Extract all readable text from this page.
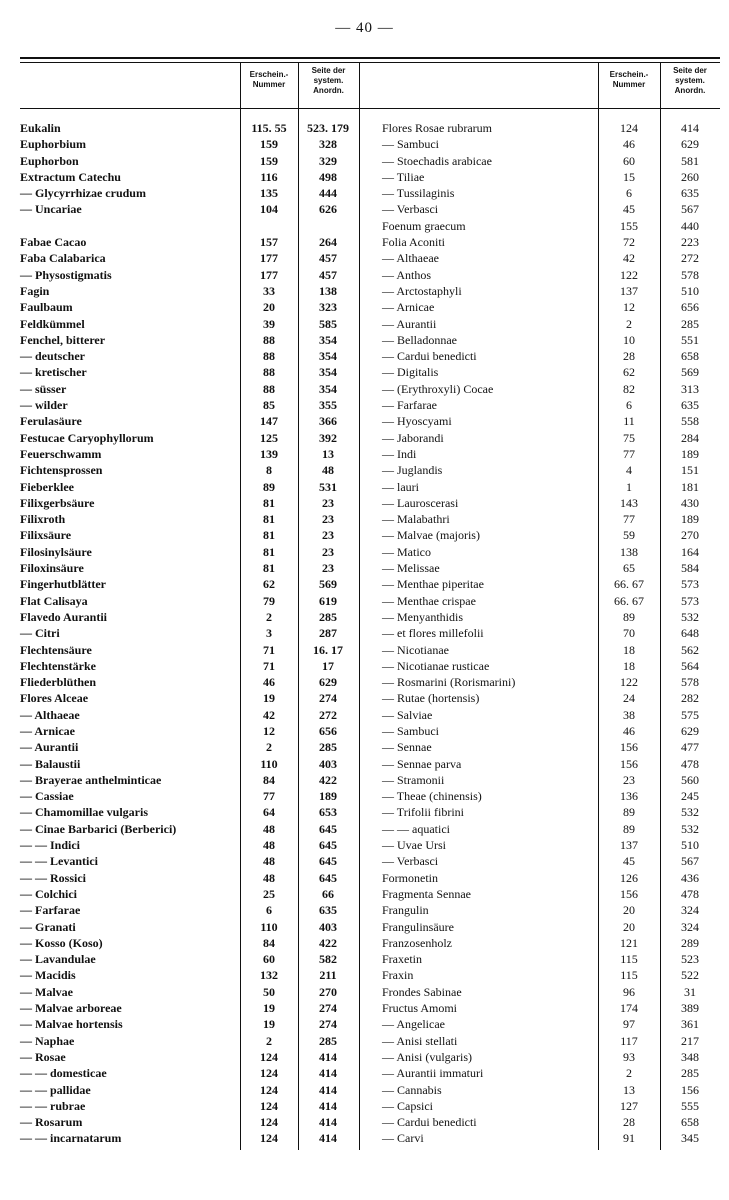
— 40 —
Erschein.-
Nummer
Seite der
system.
Anordn.
Erschein.-
Nummer
Seite der
system.
Anordn.
Eukalin
Euphorbium
Euphorbon
Extractum Catechu
— Glycyrrhizae crudum
— Uncariae
Fabae Cacao
Faba Calabarica
— Physostigmatis
Fagin
Faulbaum
Feldkümmel
Fenchel, bitterer
— deutscher
— kretischer
— süsser
— wilder
Ferulasäure
Festucae Caryophyllorum
Feuerschwamm
Fichtensprossen
Fieberklee
Filixgerbsäure
Filixroth
Filixsäure
Filosinylsäure
Filoxinsäure
Fingerhutblätter
Flat Calisaya
Flavedo Aurantii
— Citri
Flechtensäure
Flechtenstärke
Fliederblüthen
Flores Alceae
— Althaeae
— Arnicae
— Aurantii
— Balaustii
— Brayerae anthelminticae
— Cassiae
— Chamomillae vulgaris
— Cinae Barbarici (Berberici)
— — Indici
— — Levantici
— — Rossici
— Colchici
— Farfarae
— Granati
— Kosso (Koso)
— Lavandulae
— Macidis
— Malvae
— Malvae arboreae
— Malvae hortensis
— Naphae
— Rosae
— — domesticae
— — pallidae
— — rubrae
— Rosarum
— — incarnatarum
115. 55
159
159
116
135
104
157
177
177
33
20
39
88
88
88
88
85
147
125
139
8
89
81
81
81
81
81
62
79
2
3
71
71
46
19
42
12
2
110
84
77
64
48
48
48
48
25
6
110
84
60
132
50
19
19
2
124
124
124
124
124
124
523. 179
328
329
498
444
626
264
457
457
138
323
585
354
354
354
354
355
366
392
13
48
531
23
23
23
23
23
569
619
285
287
16. 17
17
629
274
272
656
285
403
422
189
653
645
645
645
645
66
635
403
422
582
211
270
274
274
285
414
414
414
414
414
414
Flores Rosae rubrarum
— Sambuci
— Stoechadis arabicae
— Tiliae
— Tussilaginis
— Verbasci
Foenum graecum
Folia Aconiti
— Althaeae
— Anthos
— Arctostaphyli
— Arnicae
— Aurantii
— Belladonnae
— Cardui benedicti
— Digitalis
— (Erythroxyli) Cocae
— Farfarae
— Hyoscyami
— Jaborandi
— Indi
— Juglandis
— lauri
— Lauroscerasi
— Malabathri
— Malvae (majoris)
— Matico
— Melissae
— Menthae piperitae
— Menthae crispae
— Menyanthidis
— et flores millefolii
— Nicotianae
— Nicotianae rusticae
— Rosmarini (Rorismarini)
— Rutae (hortensis)
— Salviae
— Sambuci
— Sennae
— Sennae parva
— Stramonii
— Theae (chinensis)
— Trifolii fibrini
— — aquatici
— Uvae Ursi
— Verbasci
Formonetin
Fragmenta Sennae
Frangulin
Frangulinsäure
Franzosenholz
Fraxetin
Fraxin
Frondes Sabinae
Fructus Amomi
— Angelicae
— Anisi stellati
— Anisi (vulgaris)
— Aurantii immaturi
— Cannabis
— Capsici
— Cardui benedicti
— Carvi
124
46
60
15
6
45
155
72
42
122
137
12
2
10
28
62
82
6
11
75
77
4
1
143
77
59
138
65
66. 67
66. 67
89
70
18
18
122
24
38
46
156
156
23
136
89
89
137
45
126
156
20
20
121
115
115
96
174
97
117
93
2
13
127
28
91
414
629
581
260
635
567
440
223
272
578
510
656
285
551
658
569
313
635
558
284
189
151
181
430
189
270
164
584
573
573
532
648
562
564
578
282
575
629
477
478
560
245
532
532
510
567
436
478
324
324
289
523
522
31
389
361
217
348
285
156
555
658
345
